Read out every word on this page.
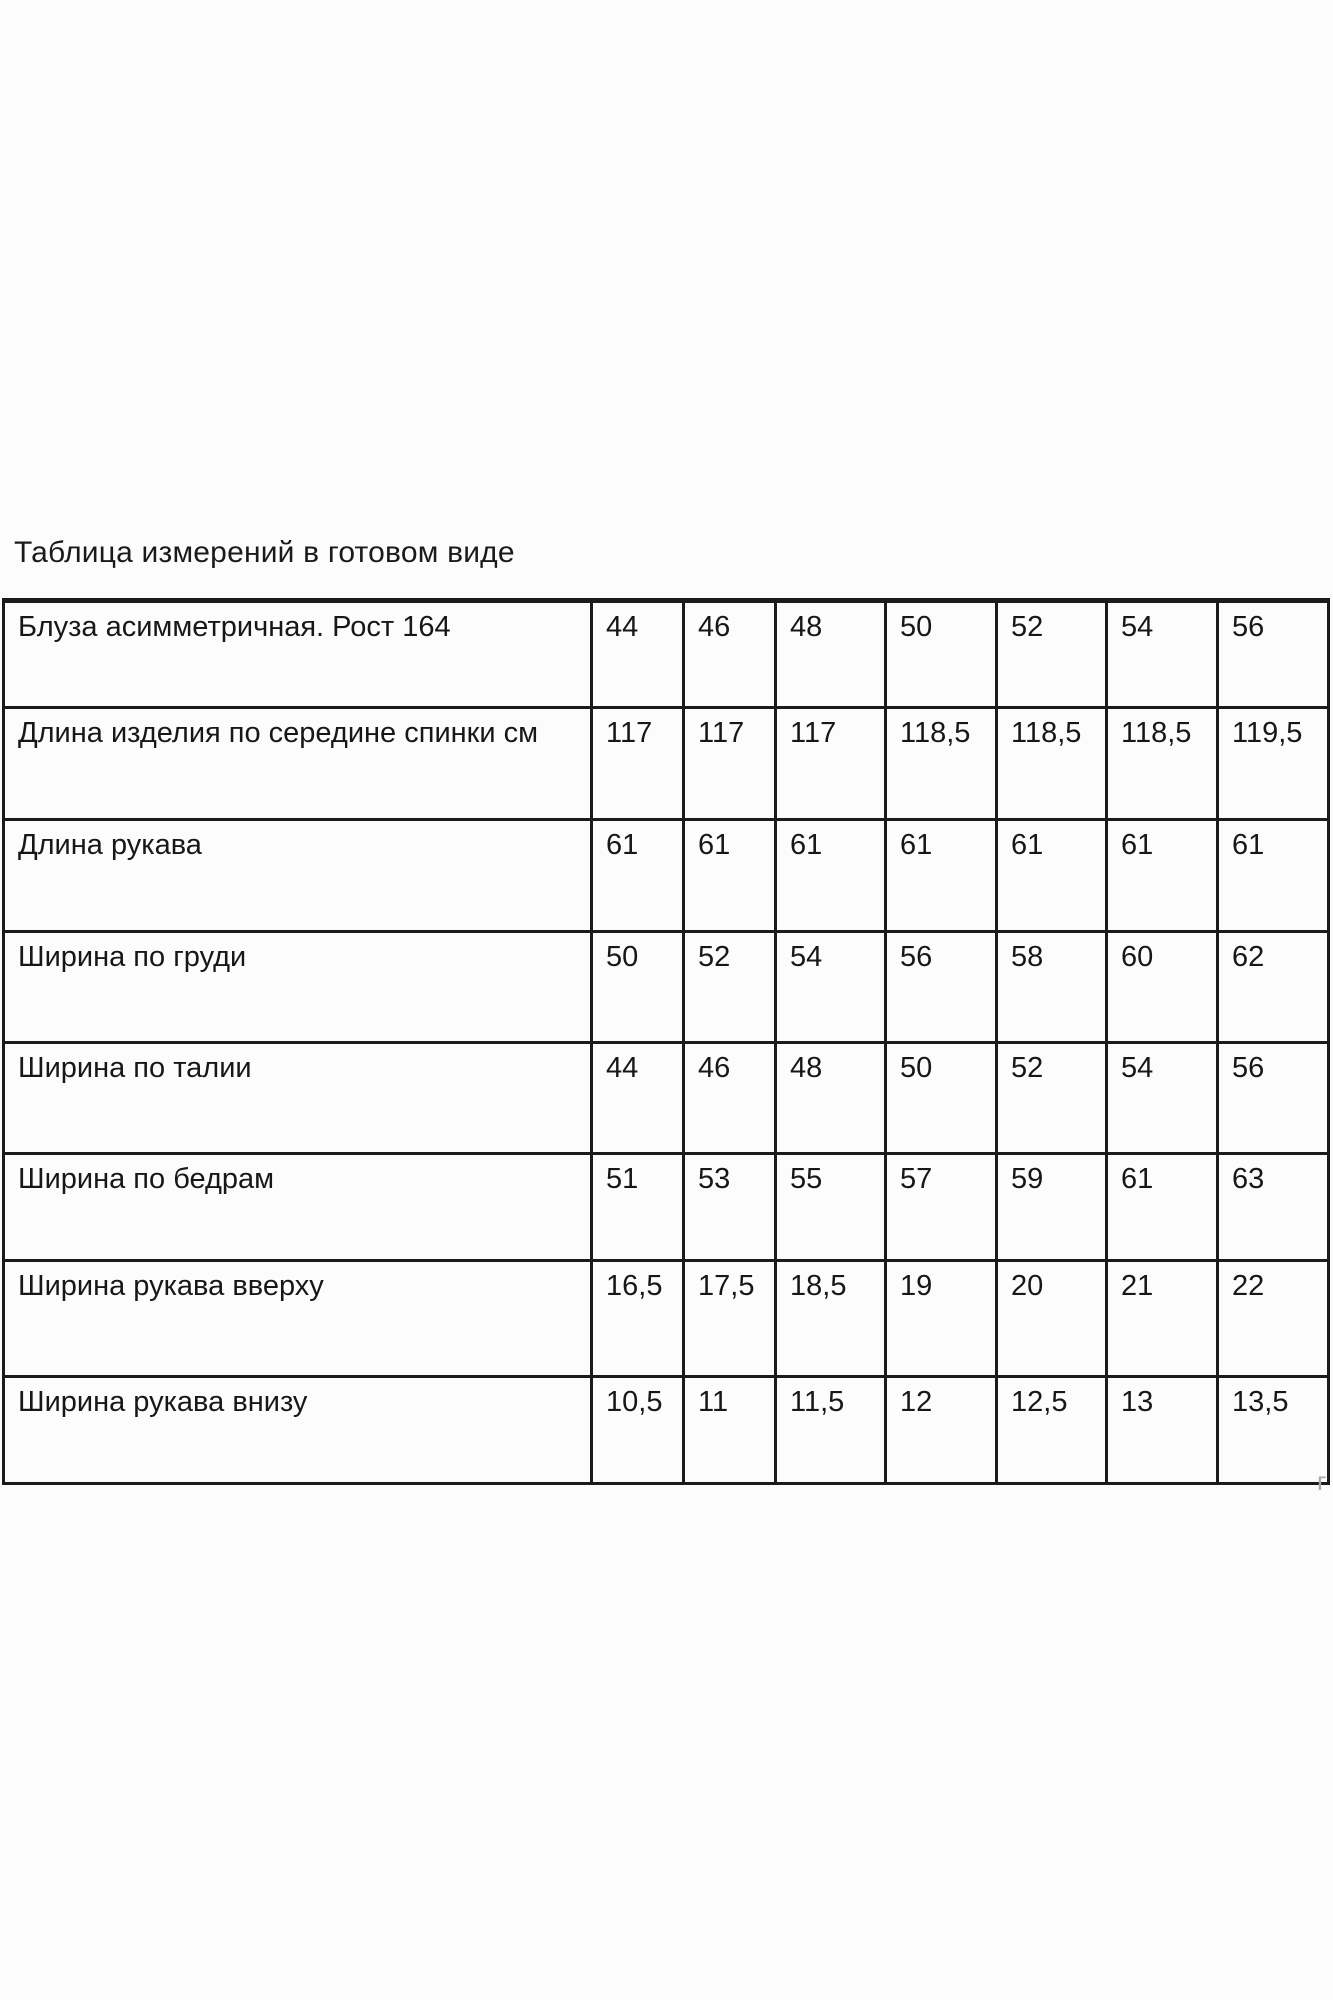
Таблица измерений в готовом виде
Блуза асимметричная. Рост 164	44	46	48	50	52	54	56
Длина изделия по середине спинки см	117	117	117	118,5	118,5	118,5	119,5
Длина рукава	61	61	61	61	61	61	61
Ширина по груди	50	52	54	56	58	60	62
Ширина по талии	44	46	48	50	52	54	56
Ширина по бедрам	51	53	55	57	59	61	63
Ширина рукава вверху	16,5	17,5	18,5	19	20	21	22
Ширина рукава внизу	10,5	11	11,5	12	12,5	13	13,5
г
